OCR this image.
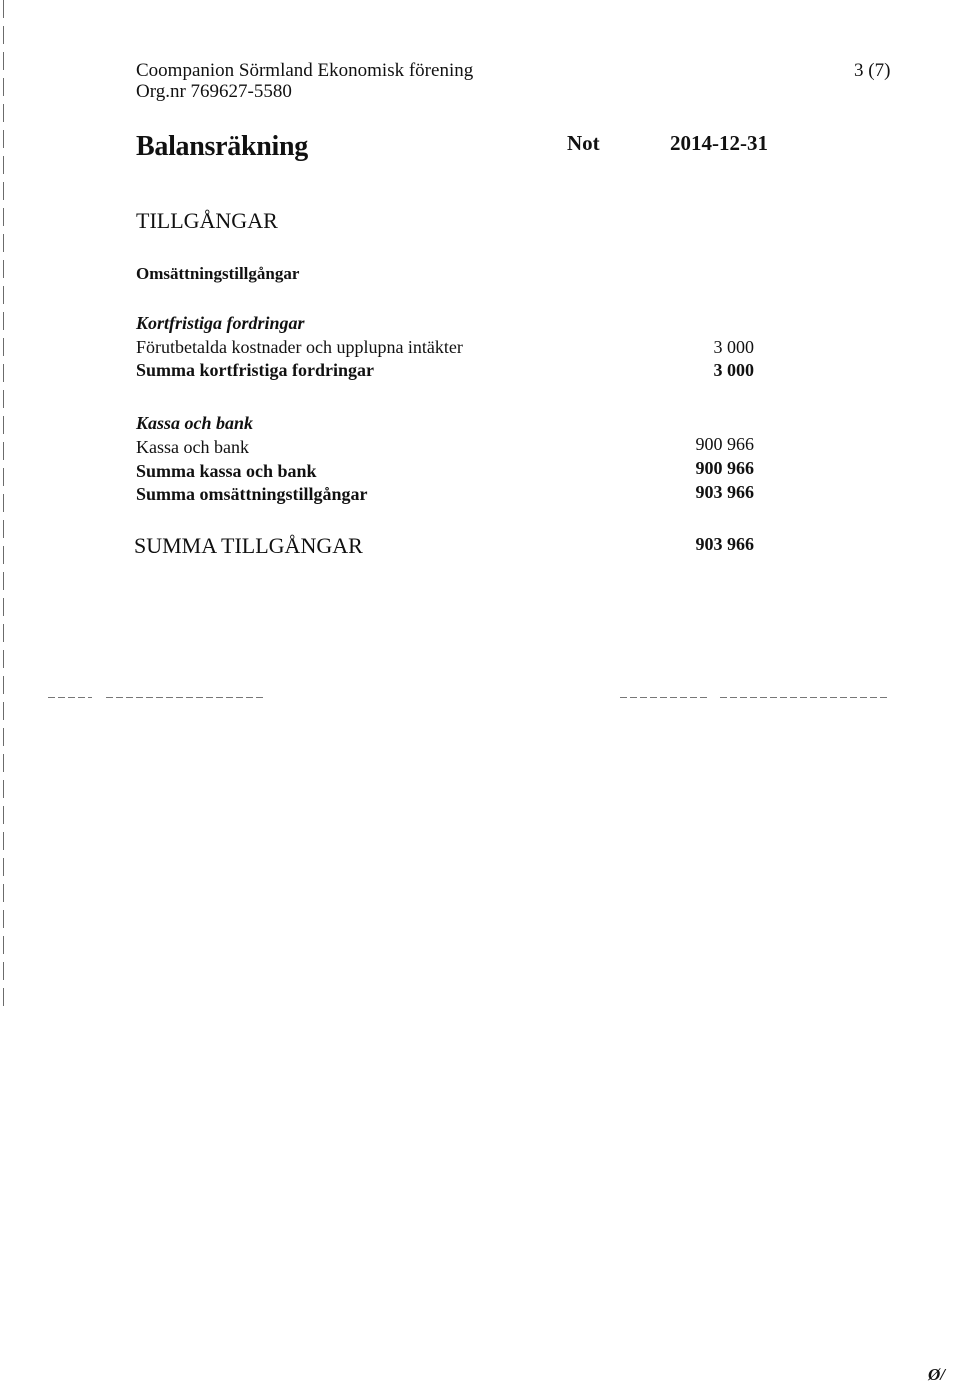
Coompanion Sörmland Ekonomisk förening
Org.nr 769627-5580
3 (7)
Balansräkning	Not	2014-12-31
TILLGÅNGAR
Omsättningstillgångar
Kortfristiga fordringar
Förutbetalda kostnader och upplupna intäkter	3 000
Summa kortfristiga fordringar	3 000
Kassa och bank
Kassa och bank	900 966
Summa kassa och bank	900 966
Summa omsättningstillgångar	903 966
SUMMA TILLGÅNGAR	903 966
Ø/
